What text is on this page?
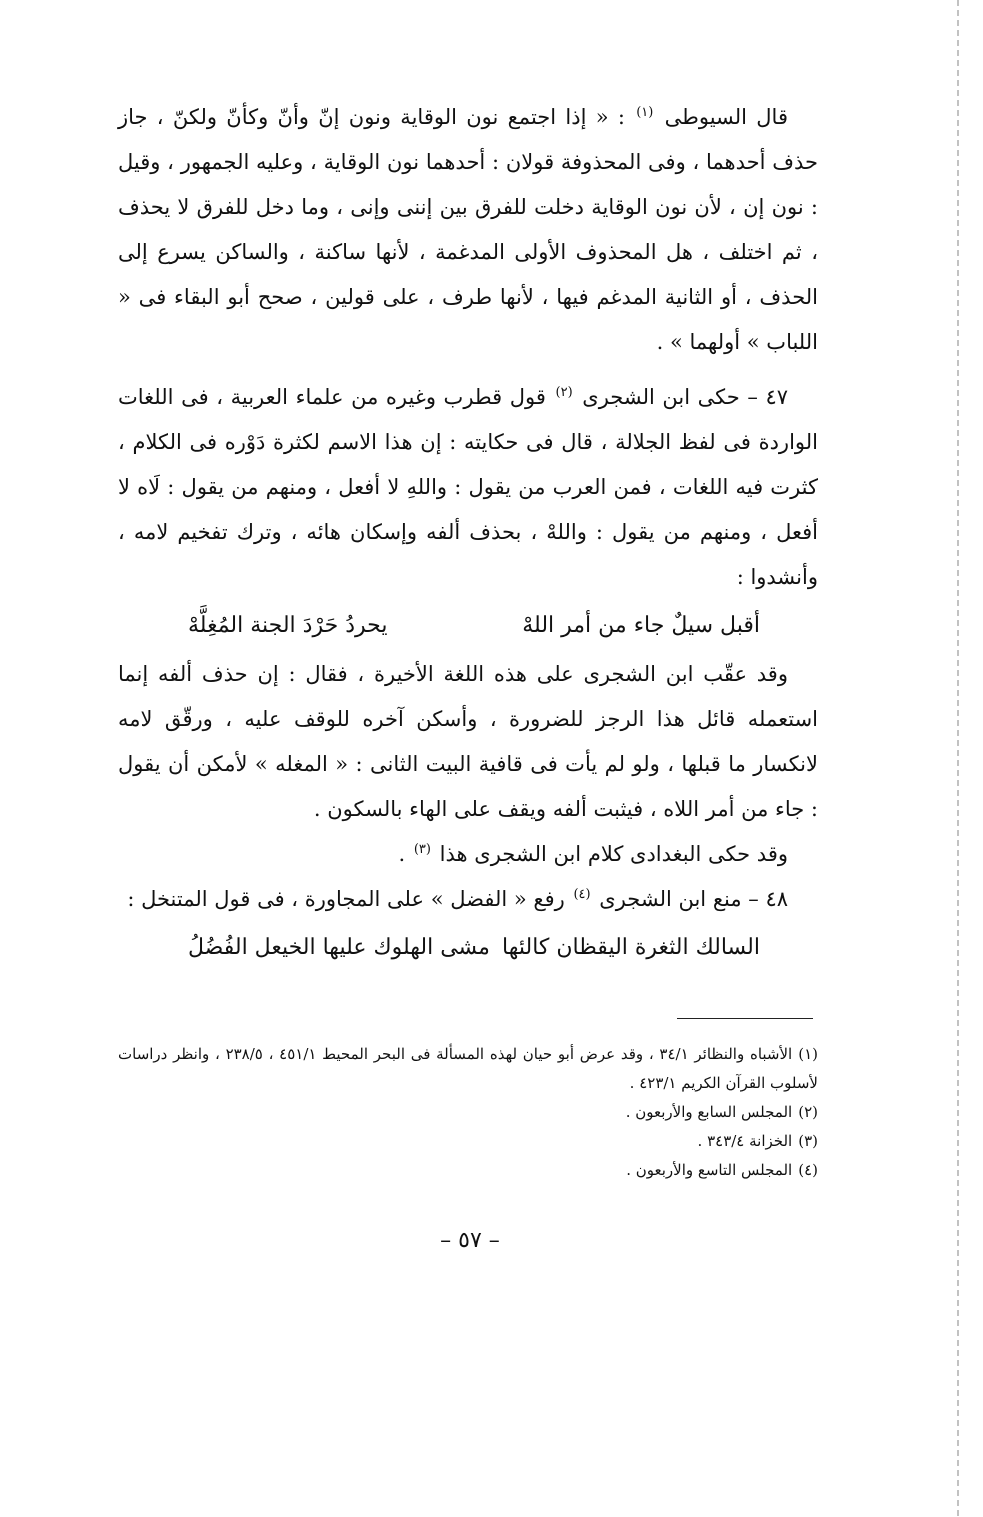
قال السيوطى $^{(١)}$ : « إذا اجتمع نون الوقاية ونون إنّ وأنّ وكأنّ ولكنّ ، جاز حذف أحدهما ، وفى المحذوفة قولان : أحدهما نون الوقاية ، وعليه الجمهور ، وقيل : نون إن ، لأن نون الوقاية دخلت للفرق بين إننى وإنى ، وما دخل للفرق لا يحذف ، ثم اختلف ، هل المحذوف الأولى المدغمة ، لأنها ساكنة ، والساكن يسرع إلى الحذف ، أو الثانية المدغم فيها ، لأنها طرف ، على قولين ، صحح أبو البقاء فى « اللباب » أولهما » .

٤٧ – حكى ابن الشجرى $^{(٢)}$ قول قطرب وغيره من علماء العربية ، فى اللغات الواردة فى لفظ الجلالة ، قال فى حكايته : إن هذا الاسم لكثرة دَوْره فى الكلام ، كثرت فيه اللغات ، فمن العرب من يقول : واللهِ لا أفعل ، ومنهم من يقول : لَاه لا أفعل ، ومنهم من يقول : واللهْ ، بحذف ألفه وإسكان هائه ، وترك تفخيم لامه ، وأنشدوا :

أقبل سيلٌ جاء من أمر اللهْ
يحردُ حَرْدَ الجنة المُغِلَّهْ

وقد عقّب ابن الشجرى على هذه اللغة الأخيرة ، فقال : إن حذف ألفه إنما استعمله قائل هذا الرجز للضرورة ، وأسكن آخره للوقف عليه ، ورقّق لامه لانكسار ما قبلها ، ولو لم يأت فى قافية البيت الثانى : « المغله » لأمكن أن يقول : جاء من أمر اللاه ، فيثبت ألفه ويقف على الهاء بالسكون .

وقد حكى البغدادى كلام ابن الشجرى هذا $^{(٣)}$ .

٤٨ – منع ابن الشجرى $^{(٤)}$ رفع « الفضل » على المجاورة ، فى قول المتنخل :

السالك الثغرة اليقظان كالئها
مشى الهلوك عليها الخيعل الفُضُلُ

(١)الأشباه والنظائر ٣٤/١ ، وقد عرض أبو حيان لهذه المسألة فى البحر المحيط ٤٥١/١ ، ٢٣٨/٥ ، وانظر دراسات لأسلوب القرآن الكريم ٤٢٣/١ .

(٢)المجلس السابع والأربعون .

(٣)الخزانة ٣٤٣/٤ .

(٤)المجلس التاسع والأربعون .

– ٥٧ –
